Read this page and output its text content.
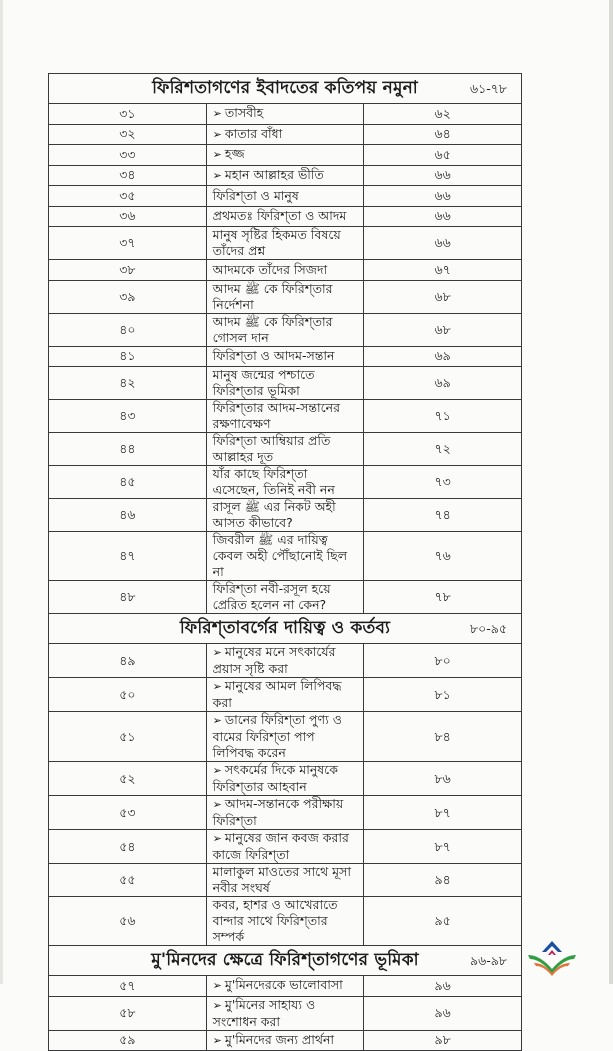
ফিরিশতাগণের ইবাদতের কতিপয় নমুনা ৬১-৭৮		

৩১	➢ তাসবীহ	৬২
৩২	➢ কাতার বাঁধা	৬৪
৩৩	➢ হজ্জ	৬৫
৩৪	➢ মহান আল্লাহর ভীতি	৬৬
৩৫	ফিরিশ্‌তা ও মানুষ	৬৬
৩৬	প্রথমতঃ ফিরিশ্‌তা ও আদম	৬৬
৩৭	মানুষ সৃষ্টির হিকমত বিষয়ে তাঁদের প্রশ্ন	৬৬
৩৮	আদমকে তাঁদের সিজদা	৬৭
৩৯	আদম ﷺ কে ফিরিশ্‌তার নির্দেশনা	৬৮
৪০	আদম ﷺ কে ফিরিশ্‌তার গোসল দান	৬৮
৪১	ফিরিশ্‌তা ও আদম-সন্তান	৬৯
৪২	মানুষ জন্মের পশ্চাতে ফিরিশ্‌তার ভূমিকা	৬৯
৪৩	ফিরিশ্‌তার আদম-সন্তানের রক্ষণাবেক্ষণ	৭১
৪৪	ফিরিশ্‌তা আম্বিয়ার প্রতি আল্লাহর দূত	৭২
৪৫	যাঁর কাছে ফিরিশ্‌তা এসেছেন, তিনিই নবী নন	৭৩
৪৬	রাসূল ﷺ এর নিকট অহী আসত কীভাবে?	৭৪
৪৭	জিবরীল ﷺ এর দায়িত্ব কেবল অহী পৌঁছানোই ছিল না	৭৬
৪৮	ফিরিশ্‌তা নবী-রসূল হয়ে প্রেরিত হলেন না কেন?	৭৮
ফিরিশ্‌তাবর্গের দায়িত্ব ও কর্তব্য ৮০-৯৫		

৪৯	➢ মানুষের মনে সৎকার্যের প্রয়াস সৃষ্টি করা	৮০
৫০	➢ মানুষের আমল লিপিবদ্ধ করা	৮১
৫১	➢ ডানের ফিরিশ্‌তা পুণ্য ও বামের ফিরিশ্‌তা পাপ লিপিবদ্ধ করেন	৮৪
৫২	➢ সৎকর্মের দিকে মানুষকে ফিরিশ্‌তার আহবান	৮৬
৫৩	➢ আদম-সন্তানকে পরীক্ষায় ফিরিশ্‌তা	৮৭
৫৪	➢ মানুষের জান কবজ করার কাজে ফিরিশ্‌তা	৮৭
৫৫	মালাকুল মাওতের সাথে মূসা নবীর সংঘর্ষ	৯৪
৫৬	কবর, হাশর ও আখেরাতে বান্দার সাথে ফিরিশ্‌তার সম্পর্ক	৯৫
মু'মিনদের ক্ষেত্রে ফিরিশ্‌তাগণের ভূমিকা ৯৬-৯৮		

৫৭	➢ মু'মিনদেরকে ভালোবাসা	৯৬
৫৮	➢ মু'মিনের সাহায্য ও সংশোধন করা	৯৬
৫৯	➢ মু'মিনদের জন্য প্রার্থনা	৯৮
